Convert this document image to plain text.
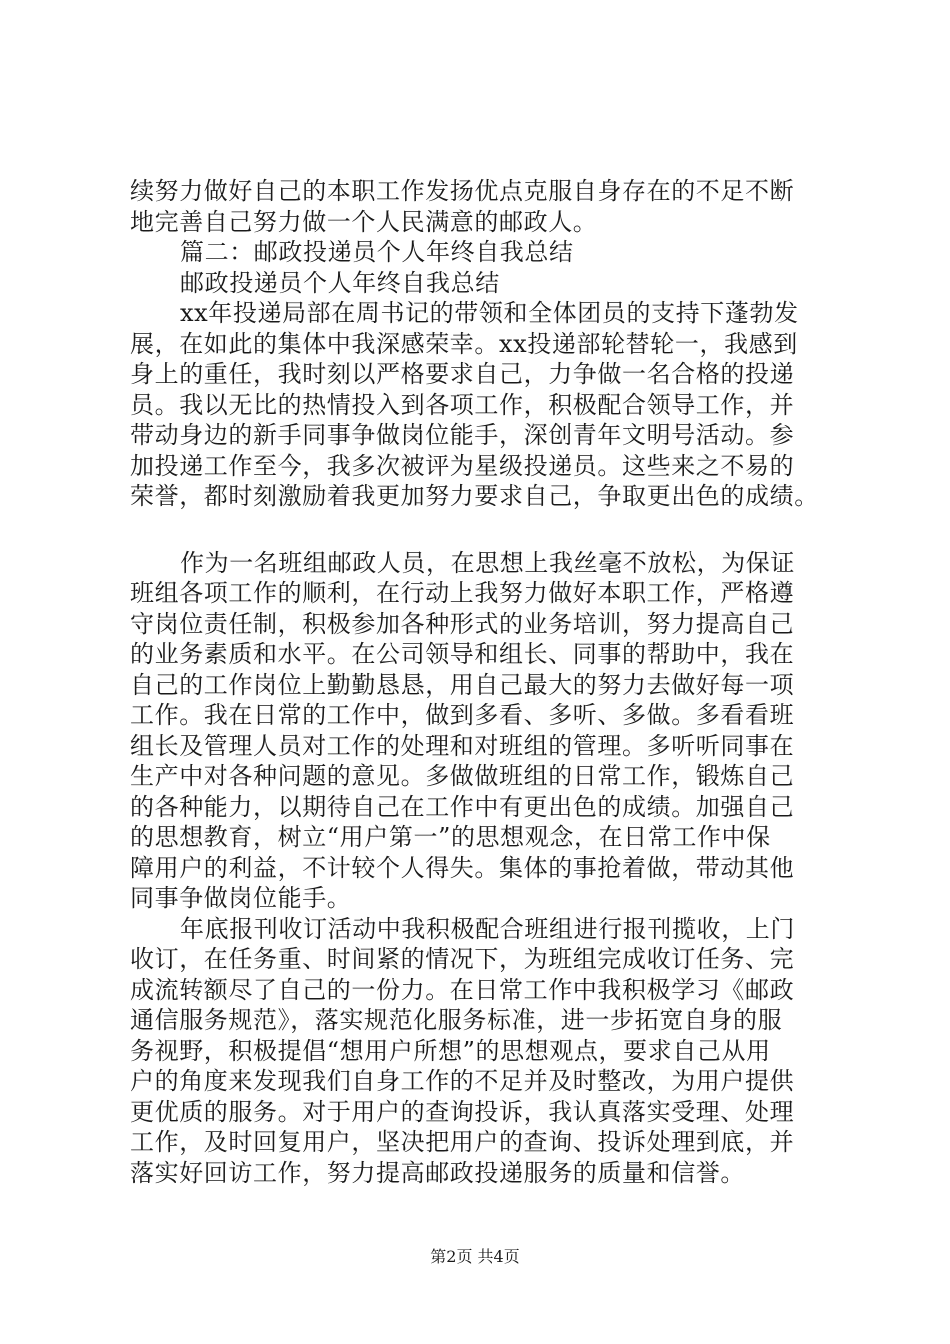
续努力做好自己的本职工作发扬优点克服自身存在的不足不断
地完善自己努力做一个人民满意的邮政人。
篇二：邮政投递员个人年终自我总结
邮政投递员个人年终自我总结
xx年投递局部在周书记的带领和全体团员的支持下蓬勃发
展，在如此的集体中我深感荣幸。xx投递部轮替轮一，我感到
身上的重任，我时刻以严格要求自己，力争做一名合格的投递
员。我以无比的热情投入到各项工作，积极配合领导工作，并
带动身边的新手同事争做岗位能手，深创青年文明号活动。参
加投递工作至今，我多次被评为星级投递员。这些来之不易的
荣誉，都时刻激励着我更加努力要求自己，争取更出色的成绩。
作为一名班组邮政人员，在思想上我丝毫不放松，为保证
班组各项工作的顺利，在行动上我努力做好本职工作，严格遵
守岗位责任制，积极参加各种形式的业务培训，努力提高自己
的业务素质和水平。在公司领导和组长、同事的帮助中，我在
自己的工作岗位上勤勤恳恳，用自己最大的努力去做好每一项
工作。我在日常的工作中，做到多看、多听、多做。多看看班
组长及管理人员对工作的处理和对班组的管理。多听听同事在
生产中对各种问题的意见。多做做班组的日常工作，锻炼自己
的各种能力，以期待自己在工作中有更出色的成绩。加强自己
的思想教育，树立“用户第一”的思想观念，在日常工作中保
障用户的利益，不计较个人得失。集体的事抢着做，带动其他
同事争做岗位能手。
年底报刊收订活动中我积极配合班组进行报刊揽收，上门
收订，在任务重、时间紧的情况下，为班组完成收订任务、完
成流转额尽了自己的一份力。在日常工作中我积极学习《邮政
通信服务规范》，落实规范化服务标准，进一步拓宽自身的服
务视野，积极提倡“想用户所想”的思想观点，要求自己从用
户的角度来发现我们自身工作的不足并及时整改，为用户提供
更优质的服务。对于用户的查询投诉，我认真落实受理、处理
工作，及时回复用户，坚决把用户的查询、投诉处理到底，并
落实好回访工作，努力提高邮政投递服务的质量和信誉。
第2页 共4页
